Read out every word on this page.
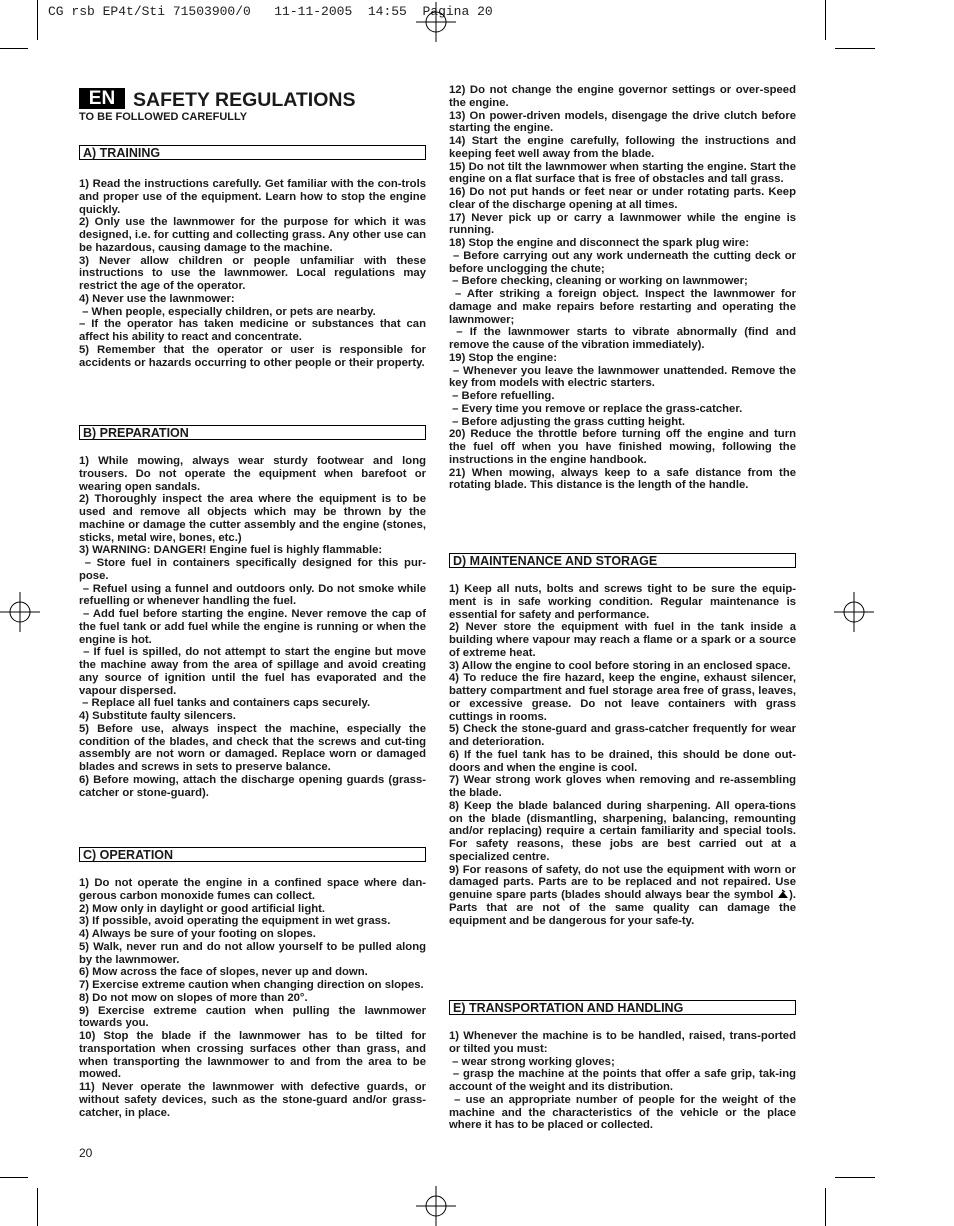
CG rsb EP4t/Sti 71503900/0   11-11-2005  14:55  Pagina 20
EN SAFETY REGULATIONS
TO BE FOLLOWED CAREFULLY
A) TRAINING

1) Read the instructions carefully. Get familiar with the con-trols and proper use of the equipment. Learn how to stop the engine quickly.

2) Only use the lawnmower for the purpose for which it was designed, i.e. for cutting and collecting grass. Any other use can be hazardous, causing damage to the machine.

3) Never allow children or people unfamiliar with these instructions to use the lawnmower. Local regulations may restrict the age of the operator.

4) Never use the lawnmower:

– When people, especially children, or pets are nearby.

– If the operator has taken medicine or substances that can affect his ability to react and concentrate.

5) Remember that the operator or user is responsible for accidents or hazards occurring to other people or their property.

B) PREPARATION

1) While mowing, always wear sturdy footwear and long trousers. Do not operate the equipment when barefoot or wearing open sandals.

2) Thoroughly inspect the area where the equipment is to be used and remove all objects which may be thrown by the machine or damage the cutter assembly and the engine (stones, sticks, metal wire, bones, etc.)

3) WARNING: DANGER! Engine fuel is highly flammable:

– Store fuel in containers specifically designed for this pur-pose.

– Refuel using a funnel and outdoors only. Do not smoke while refuelling or whenever handling the fuel.

– Add fuel before starting the engine. Never remove the cap of the fuel tank or add fuel while the engine is running or when the engine is hot.

– If fuel is spilled, do not attempt to start the engine but move the machine away from the area of spillage and avoid creating any source of ignition until the fuel has evaporated and the vapour dispersed.

– Replace all fuel tanks and containers caps securely.

4) Substitute faulty silencers.

5) Before use, always inspect the machine, especially the condition of the blades, and check that the screws and cut-ting assembly are not worn or damaged. Replace worn or damaged blades and screws in sets to preserve balance.

6) Before mowing, attach the discharge opening guards (grass-catcher or stone-guard).

C) OPERATION

1) Do not operate the engine in a confined space where dan-gerous carbon monoxide fumes can collect.

2) Mow only in daylight or good artificial light.

3) If possible, avoid operating the equipment in wet grass.

4) Always be sure of your footing on slopes.

5) Walk, never run and do not allow yourself to be pulled along by the lawnmower.

6) Mow across the face of slopes, never up and down.

7) Exercise extreme caution when changing direction on slopes.

8) Do not mow on slopes of more than 20°.

9) Exercise extreme caution when pulling the lawnmower towards you.

10) Stop the blade if the lawnmower has to be tilted for transportation when crossing surfaces other than grass, and when transporting the lawnmower to and from the area to be mowed.

11) Never operate the lawnmower with defective guards, or without safety devices, such as the stone-guard and/or grass-catcher, in place.

12) Do not change the engine governor settings or over-speed the engine.

13) On power-driven models, disengage the drive clutch before starting the engine.

14) Start the engine carefully, following the instructions and keeping feet well away from the blade.

15) Do not tilt the lawnmower when starting the engine. Start the engine on a flat surface that is free of obstacles and tall grass.

16) Do not put hands or feet near or under rotating parts. Keep clear of the discharge opening at all times.

17) Never pick up or carry a lawnmower while the engine is running.

18) Stop the engine and disconnect the spark plug wire:

– Before carrying out any work underneath the cutting deck or before unclogging the chute;

– Before checking, cleaning or working on lawnmower;

– After striking a foreign object. Inspect the lawnmower for damage and make repairs before restarting and operating the lawnmower;

– If the lawnmower starts to vibrate abnormally (find and remove the cause of the vibration immediately).

19) Stop the engine:

– Whenever you leave the lawnmower unattended. Remove the key from models with electric starters.

– Before refuelling.

– Every time you remove or replace the grass-catcher.

– Before adjusting the grass cutting height.

20) Reduce the throttle before turning off the engine and turn the fuel off when you have finished mowing, following the instructions in the engine handbook.

21) When mowing, always keep to a safe distance from the rotating blade. This distance is the length of the handle.

D) MAINTENANCE AND STORAGE

1) Keep all nuts, bolts and screws tight to be sure the equip-ment is in safe working condition. Regular maintenance is essential for safety and performance.

2) Never store the equipment with fuel in the tank inside a building where vapour may reach a flame or a spark or a source of extreme heat.

3) Allow the engine to cool before storing in an enclosed space.

4) To reduce the fire hazard, keep the engine, exhaust silencer, battery compartment and fuel storage area free of grass, leaves, or excessive grease. Do not leave containers with grass cuttings in rooms.

5) Check the stone-guard and grass-catcher frequently for wear and deterioration.

6) If the fuel tank has to be drained, this should be done out-doors and when the engine is cool.

7) Wear strong work gloves when removing and re-assembling the blade.

8) Keep the blade balanced during sharpening. All opera-tions on the blade (dismantling, sharpening, balancing, remounting and/or replacing) require a certain familiarity and special tools. For safety reasons, these jobs are best carried out at a specialized centre.

9) For reasons of safety, do not use the equipment with worn or damaged parts. Parts are to be replaced and not repaired. Use genuine spare parts (blades should always bear the symbol ). Parts that are not of the same quality can damage the equipment and be dangerous for your safe-ty.

E) TRANSPORTATION AND HANDLING

1) Whenever the machine is to be handled, raised, trans-ported or tilted you must:

– wear strong working gloves;

– grasp the machine at the points that offer a safe grip, tak-ing account of the weight and its distribution.

– use an appropriate number of people for the weight of the machine and the characteristics of the vehicle or the place where it has to be placed or collected.

20
